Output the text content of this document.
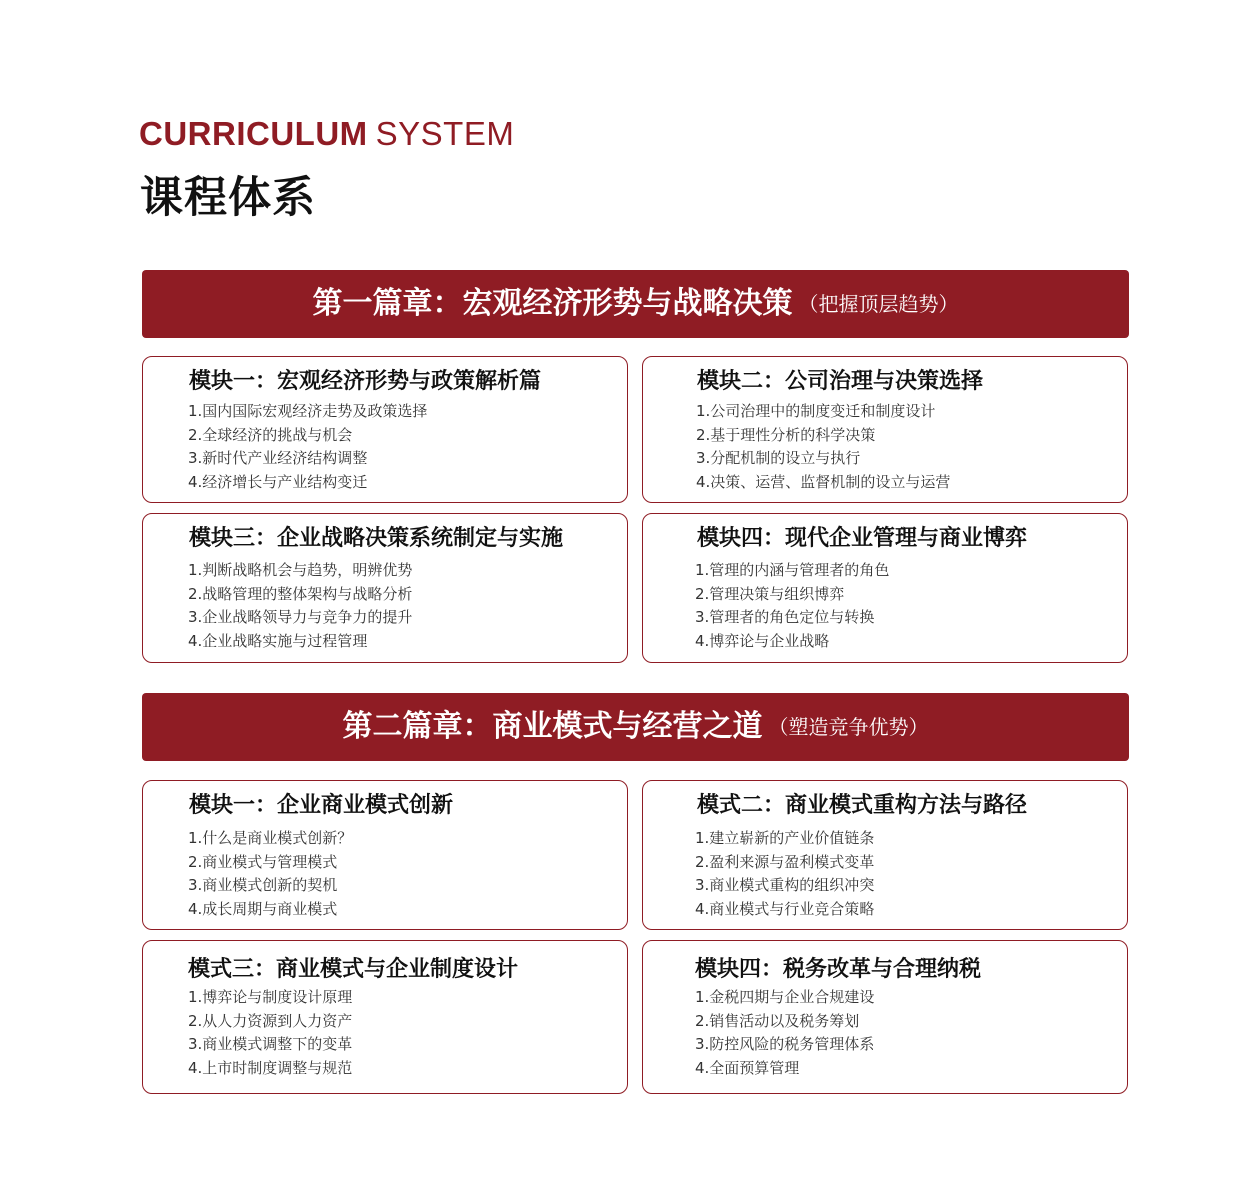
CURRICULUM SYSTEM
课程体系
第一篇章：宏观经济形势与战略决策 （把握顶层趋势）
模块一：宏观经济形势与政策解析篇
1.国内国际宏观经济走势及政策选择
2.全球经济的挑战与机会
3.新时代产业经济结构调整
4.经济增长与产业结构变迁
模块二：公司治理与决策选择
1.公司治理中的制度变迁和制度设计
2.基于理性分析的科学决策
3.分配机制的设立与执行
4.决策、运营、监督机制的设立与运营
模块三：企业战略决策系统制定与实施
1.判断战略机会与趋势，明辨优势
2.战略管理的整体架构与战略分析
3.企业战略领导力与竞争力的提升
4.企业战略实施与过程管理
模块四：现代企业管理与商业博弈
1.管理的内涵与管理者的角色
2.管理决策与组织博弈
3.管理者的角色定位与转换
4.博弈论与企业战略
第二篇章：商业模式与经营之道 （塑造竞争优势）
模块一：企业商业模式创新
1.什么是商业模式创新？
2.商业模式与管理模式
3.商业模式创新的契机
4.成长周期与商业模式
模式二：商业模式重构方法与路径
1.建立崭新的产业价值链条
2.盈利来源与盈利模式变革
3.商业模式重构的组织冲突
4.商业模式与行业竞合策略
模式三：商业模式与企业制度设计
1.博弈论与制度设计原理
2.从人力资源到人力资产
3.商业模式调整下的变革
4.上市时制度调整与规范
模块四：税务改革与合理纳税
1.金税四期与企业合规建设
2.销售活动以及税务筹划
3.防控风险的税务管理体系
4.全面预算管理
